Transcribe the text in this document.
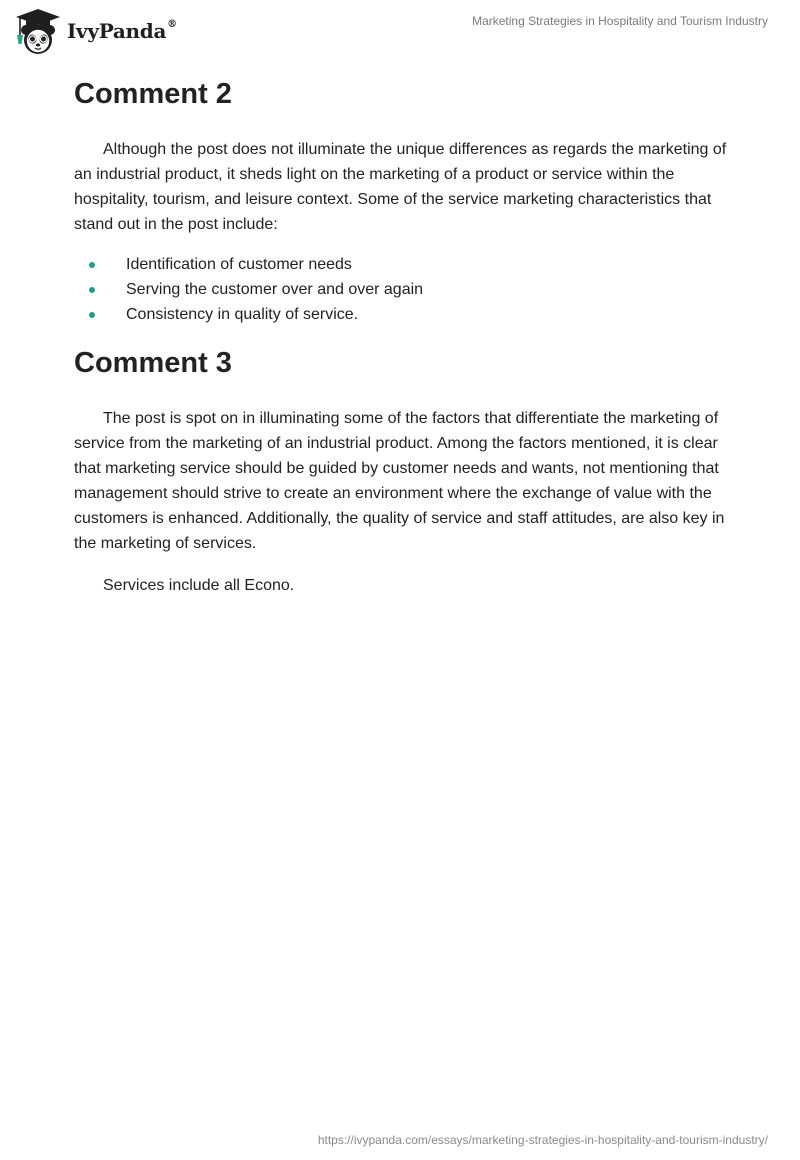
IvyPanda®	Marketing Strategies in Hospitality and Tourism Industry
Comment 2

Although the post does not illuminate the unique differences as regards the marketing of an industrial product, it sheds light on the marketing of a product or service within the hospitality, tourism, and leisure context. Some of the service marketing characteristics that stand out in the post include:

Identification of customer needs
Serving the customer over and over again
Consistency in quality of service.
Comment 3

The post is spot on in illuminating some of the factors that differentiate the marketing of service from the marketing of an industrial product. Among the factors mentioned, it is clear that marketing service should be guided by customer needs and wants, not mentioning that management should strive to create an environment where the exchange of value with the customers is enhanced. Additionally, the quality of service and staff attitudes, are also key in the marketing of services.

Services include all Econo.

https://ivypanda.com/essays/marketing-strategies-in-hospitality-and-tourism-industry/
